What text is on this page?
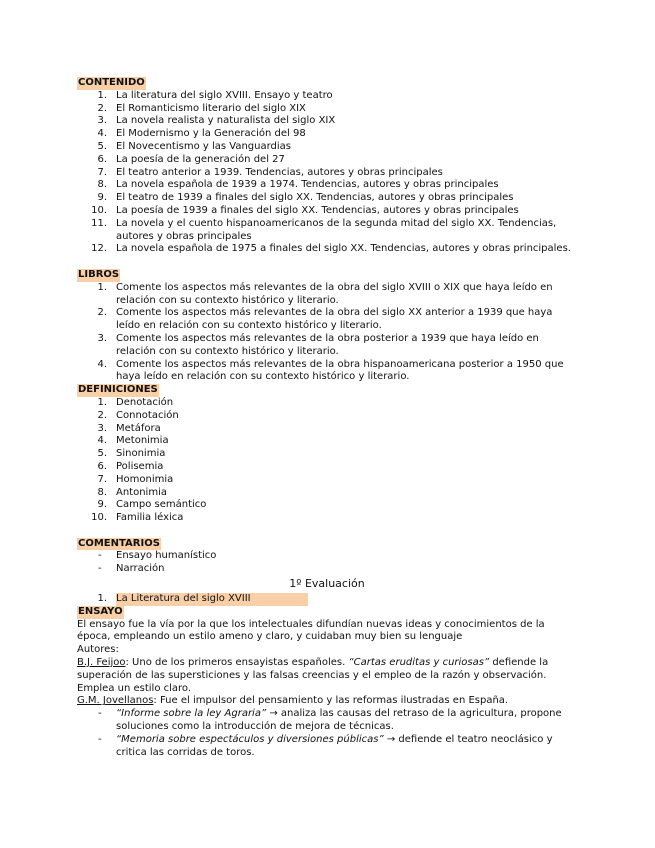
CONTENIDO
1. La literatura del siglo XVIII. Ensayo y teatro
2. El Romanticismo literario del siglo XIX
3. La novela realista y naturalista del siglo XIX
4. El Modernismo y la Generación del 98
5. El Novecentismo y las Vanguardias
6. La poesía de la generación del 27
7. El teatro anterior a 1939. Tendencias, autores y obras principales
8. La novela española de 1939 a 1974. Tendencias, autores y obras principales
9. El teatro de 1939 a finales del siglo XX. Tendencias, autores y obras principales
10. La poesía de 1939 a finales del siglo XX. Tendencias, autores y obras principales
11. La novela y el cuento hispanoamericanos de la segunda mitad del siglo XX. Tendencias, autores y obras principales
12. La novela española de 1975 a finales del siglo XX. Tendencias, autores y obras principales.
LIBROS
1. Comente los aspectos más relevantes de la obra del siglo XVIII o XIX que haya leído en relación con su contexto histórico y literario.
2. Comente los aspectos más relevantes de la obra del siglo XX anterior a 1939 que haya leído en relación con su contexto histórico y literario.
3. Comente los aspectos más relevantes de la obra posterior a 1939 que haya leído en relación con su contexto histórico y literario.
4. Comente los aspectos más relevantes de la obra hispanoamericana posterior a 1950 que haya leído en relación con su contexto histórico y literario.
DEFINICIONES
1. Denotación
2. Connotación
3. Metáfora
4. Metonimia
5. Sinonimia
6. Polisemia
7. Homonimia
8. Antonimia
9. Campo semántico
10. Familia léxica
COMENTARIOS
-	Ensayo humanístico
-	Narración
1º Evaluación
1. La Literatura del siglo XVIII
ENSAYO

El ensayo fue la vía por la que los intelectuales difundían nuevas ideas y conocimientos de la época, empleando un estilo ameno y claro, y cuidaban muy bien su lenguaje

Autores:

B.J. Feijoo: Uno de los primeros ensayistas españoles. “Cartas eruditas y curiosas” defiende la superación de las supersticiones y las falsas creencias y el empleo de la razón y observación. Emplea un estilo claro.

G.M. Jovellanos: Fue el impulsor del pensamiento y las reformas ilustradas en España.

-	“Informe sobre la ley Agraria” → analiza las causas del retraso de la agricultura, propone soluciones como la introducción de mejora de técnicas.
-	“Memoria sobre espectáculos y diversiones públicas” → defiende el teatro neoclásico y critica las corridas de toros.
